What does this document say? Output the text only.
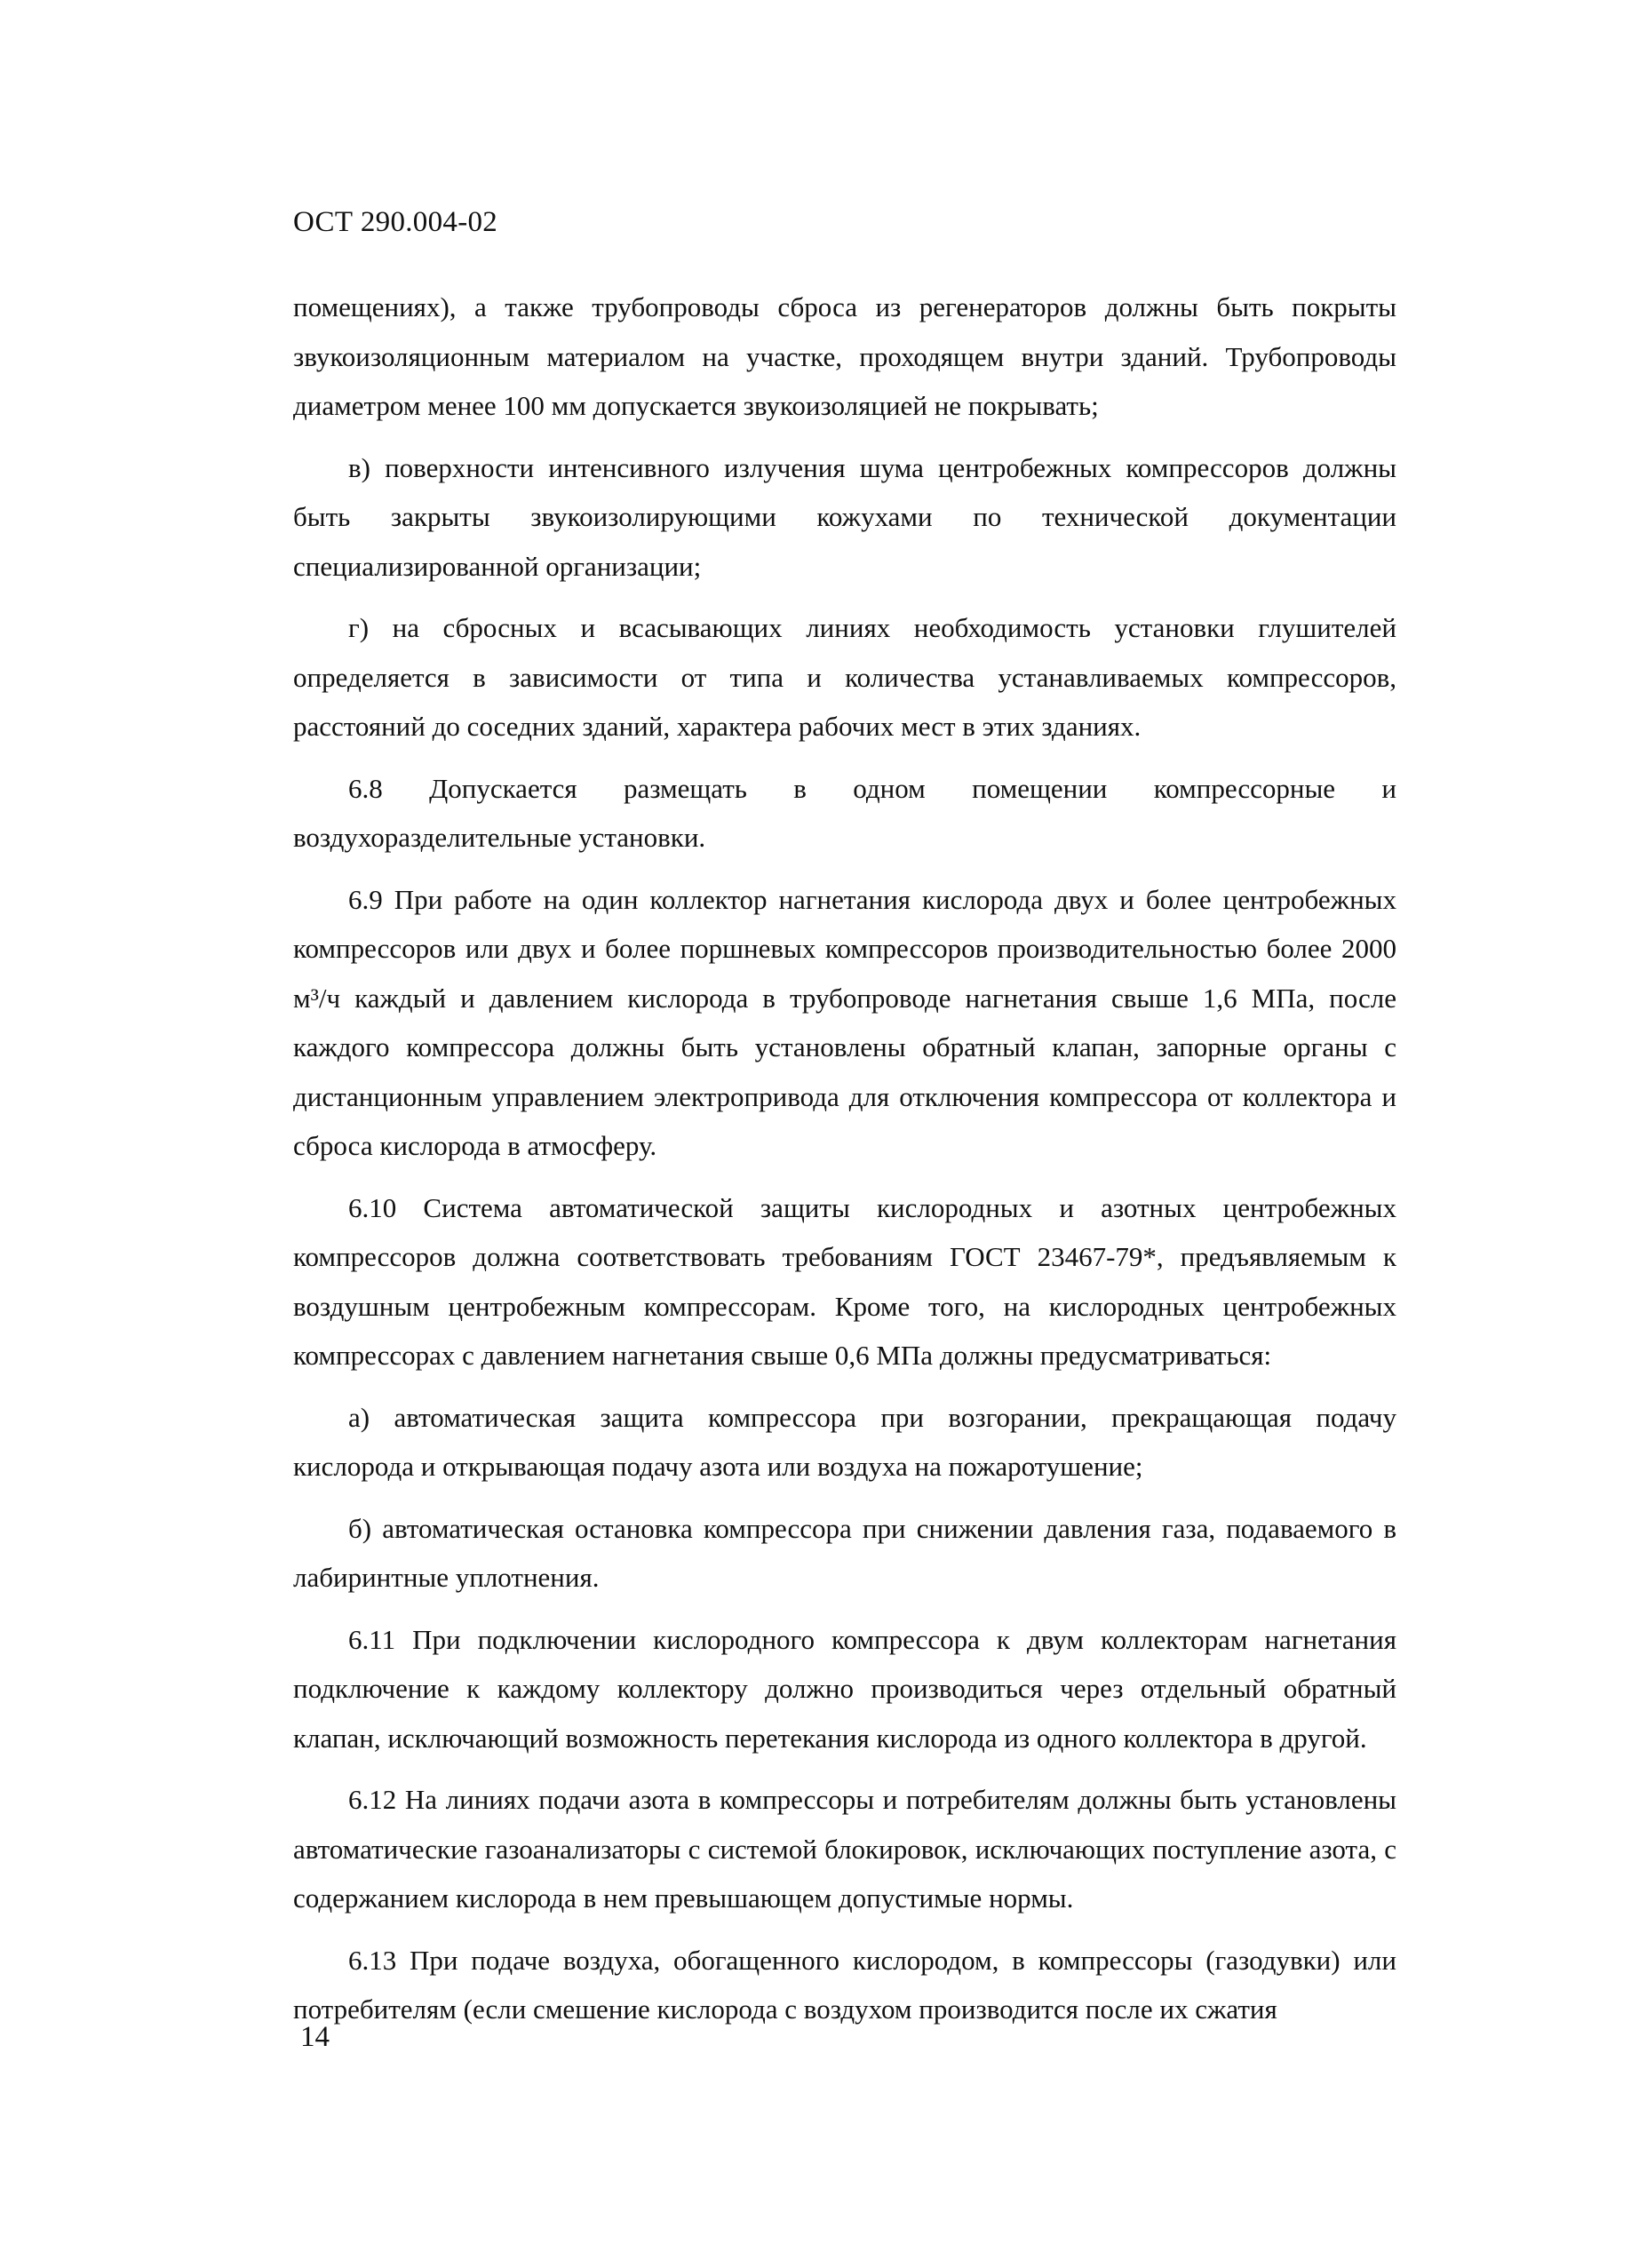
ОСТ 290.004-02

помещениях), а также трубопроводы сброса из регенераторов должны быть покрыты звукоизоляционным материалом на участке, проходящем внутри зданий. Трубопроводы диаметром менее 100 мм допускается звукоизоляцией не покрывать;

в) поверхности интенсивного излучения шума центробежных компрессоров должны быть закрыты звукоизолирующими кожухами по технической документации специализированной организации;

г) на сбросных и всасывающих линиях необходимость установки глушителей определяется в зависимости от типа и количества устанавливаемых компрессоров, расстояний до соседних зданий, характера рабочих мест в этих зданиях.

6.8 Допускается размещать в одном помещении компрессорные и воздухоразделительные установки.

6.9 При работе на один коллектор нагнетания кислорода двух и более центробежных компрессоров или двух и более поршневых компрессоров производительностью более 2000 м³/ч каждый и давлением кислорода в трубопроводе нагнетания свыше 1,6 МПа, после каждого компрессора должны быть установлены обратный клапан, запорные органы с дистанционным управлением электропривода для отключения компрессора от коллектора и сброса кислорода в атмосферу.

6.10 Система автоматической защиты кислородных и азотных центробежных компрессоров должна соответствовать требованиям ГОСТ 23467-79*, предъявляемым к воздушным центробежным компрессорам. Кроме того, на кислородных центробежных компрессорах с давлением нагнетания свыше 0,6 МПа должны предусматриваться:

а) автоматическая защита компрессора при возгорании, прекращающая подачу кислорода и открывающая подачу азота или воздуха на пожаротушение;

б) автоматическая остановка компрессора при снижении давления газа, подаваемого в лабиринтные уплотнения.

6.11 При подключении кислородного компрессора к двум коллекторам нагнетания подключение к каждому коллектору должно производиться через отдельный обратный клапан, исключающий возможность перетекания кислорода из одного коллектора в другой.

6.12 На линиях подачи азота в компрессоры и потребителям должны быть установлены автоматические газоанализаторы с системой блокировок, исключающих поступление азота, с содержанием кислорода в нем превышающем допустимые нормы.

6.13 При подаче воздуха, обогащенного кислородом, в компрессоры (газодувки) или потребителям (если смешение кислорода с воздухом производится после их сжатия

14
